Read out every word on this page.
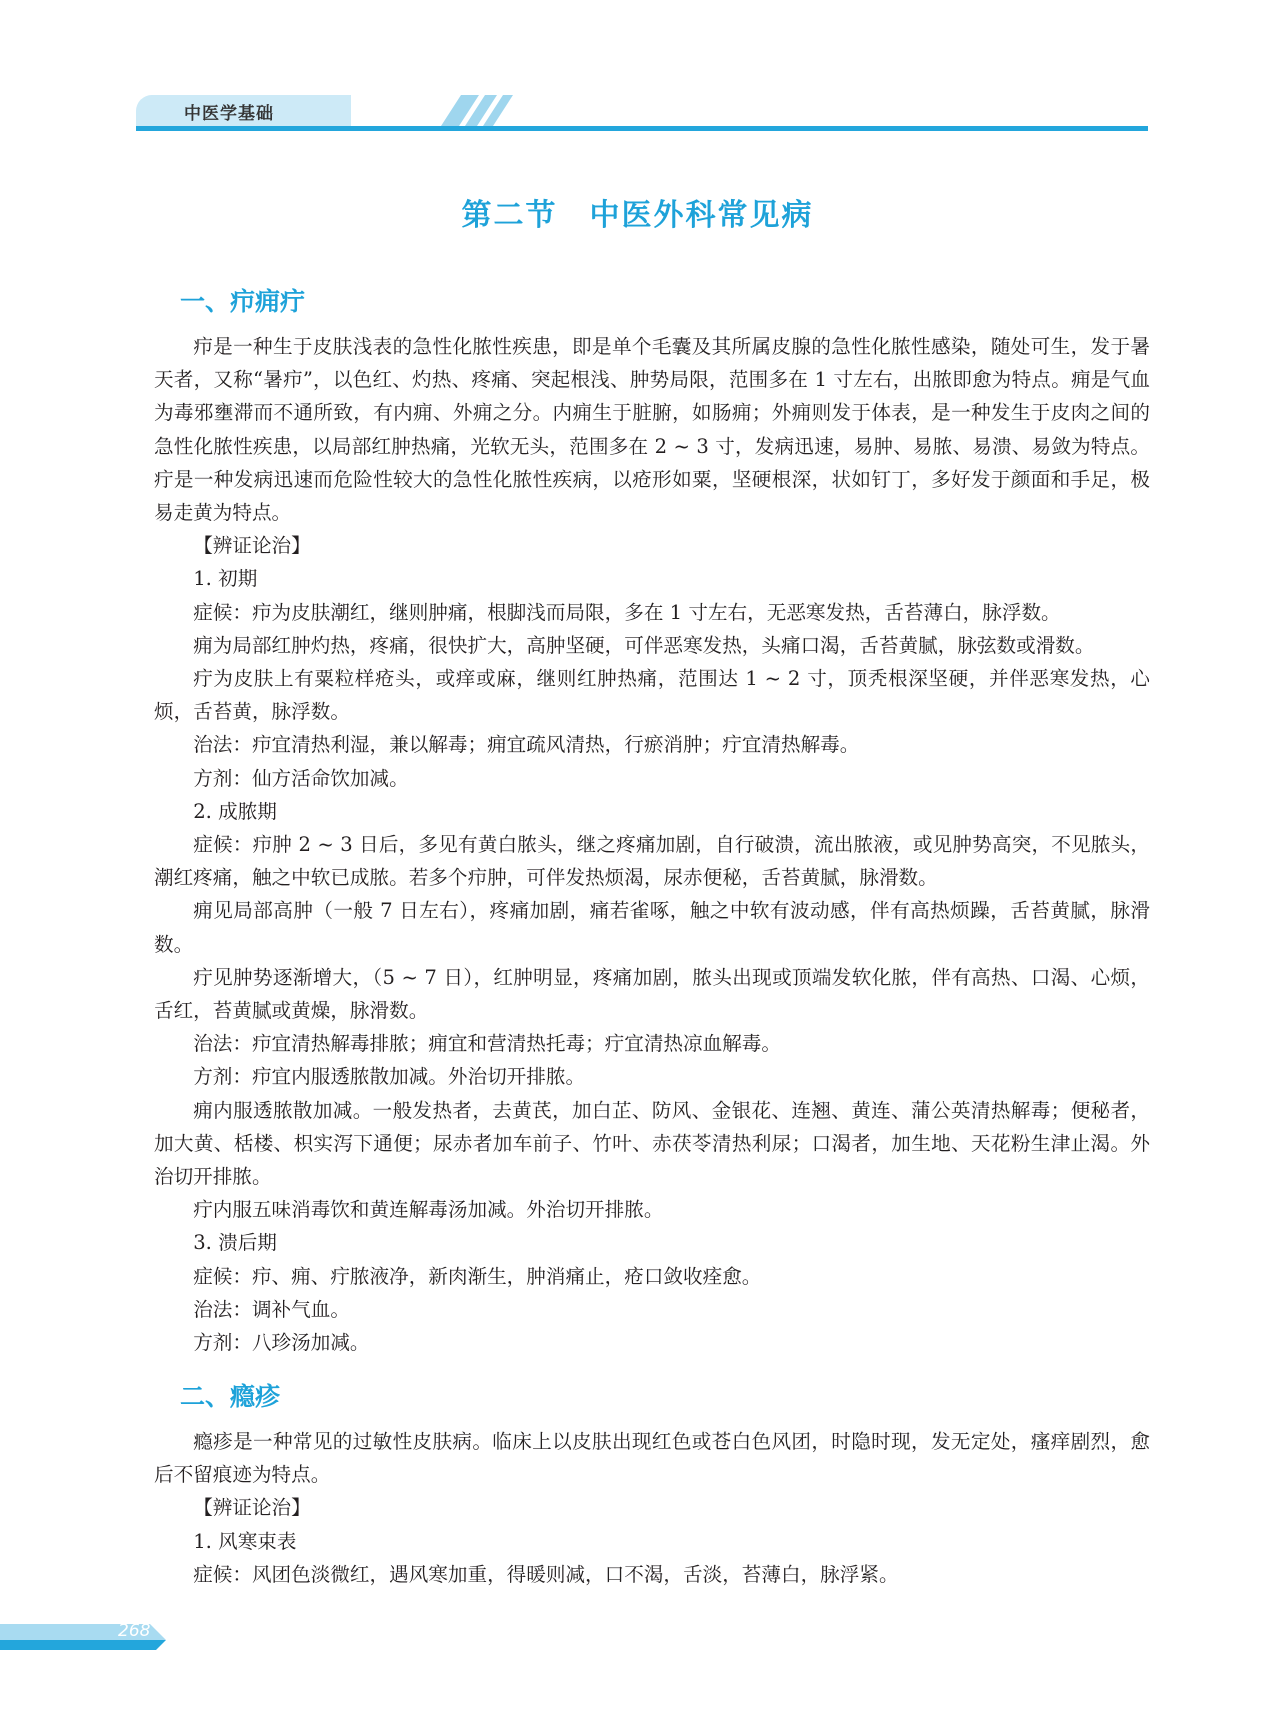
中医学基础
第二节　中医外科常见病
一、疖痈疔

疖是一种生于皮肤浅表的急性化脓性疾患，即是单个毛囊及其所属皮腺的急性化脓性感染，随处可生，发于暑天者，又称“暑疖”，以色红、灼热、疼痛、突起根浅、肿势局限，范围多在 1 寸左右，出脓即愈为特点。痈是气血为毒邪壅滞而不通所致，有内痈、外痈之分。内痈生于脏腑，如肠痈；外痈则发于体表，是一种发生于皮肉之间的急性化脓性疾患，以局部红肿热痛，光软无头，范围多在 2 ~ 3 寸，发病迅速，易肿、易脓、易溃、易敛为特点。疔是一种发病迅速而危险性较大的急性化脓性疾病，以疮形如粟，坚硬根深，状如钉丁，多好发于颜面和手足，极易走黄为特点。

【辨证论治】

1. 初期

症候：疖为皮肤潮红，继则肿痛，根脚浅而局限，多在 1 寸左右，无恶寒发热，舌苔薄白，脉浮数。

痈为局部红肿灼热，疼痛，很快扩大，高肿坚硬，可伴恶寒发热，头痛口渴，舌苔黄腻，脉弦数或滑数。

疔为皮肤上有粟粒样疮头，或痒或麻，继则红肿热痛，范围达 1 ~ 2 寸，顶秃根深坚硬，并伴恶寒发热，心烦，舌苔黄，脉浮数。

治法：疖宜清热利湿，兼以解毒；痈宜疏风清热，行瘀消肿；疔宜清热解毒。

方剂：仙方活命饮加减。

2. 成脓期

症候：疖肿 2 ~ 3 日后，多见有黄白脓头，继之疼痛加剧，自行破溃，流出脓液，或见肿势高突，不见脓头，潮红疼痛，触之中软已成脓。若多个疖肿，可伴发热烦渴，尿赤便秘，舌苔黄腻，脉滑数。

痈见局部高肿（一般 7 日左右），疼痛加剧，痛若雀啄，触之中软有波动感，伴有高热烦躁，舌苔黄腻，脉滑数。

疔见肿势逐渐增大，（5 ~ 7 日），红肿明显，疼痛加剧，脓头出现或顶端发软化脓，伴有高热、口渴、心烦，舌红，苔黄腻或黄燥，脉滑数。

治法：疖宜清热解毒排脓；痈宜和营清热托毒；疔宜清热凉血解毒。

方剂：疖宜内服透脓散加减。外治切开排脓。

痈内服透脓散加减。一般发热者，去黄芪，加白芷、防风、金银花、连翘、黄连、蒲公英清热解毒；便秘者，加大黄、栝楼、枳实泻下通便；尿赤者加车前子、竹叶、赤茯苓清热利尿；口渴者，加生地、天花粉生津止渴。外治切开排脓。

疔内服五味消毒饮和黄连解毒汤加减。外治切开排脓。

3. 溃后期

症候：疖、痈、疔脓液净，新肉渐生，肿消痛止，疮口敛收痊愈。

治法：调补气血。

方剂：八珍汤加减。

二、瘾疹

瘾疹是一种常见的过敏性皮肤病。临床上以皮肤出现红色或苍白色风团，时隐时现，发无定处，瘙痒剧烈，愈后不留痕迹为特点。

【辨证论治】

1. 风寒束表

症候：风团色淡微红，遇风寒加重，得暖则减，口不渴，舌淡，苔薄白，脉浮紧。

268
